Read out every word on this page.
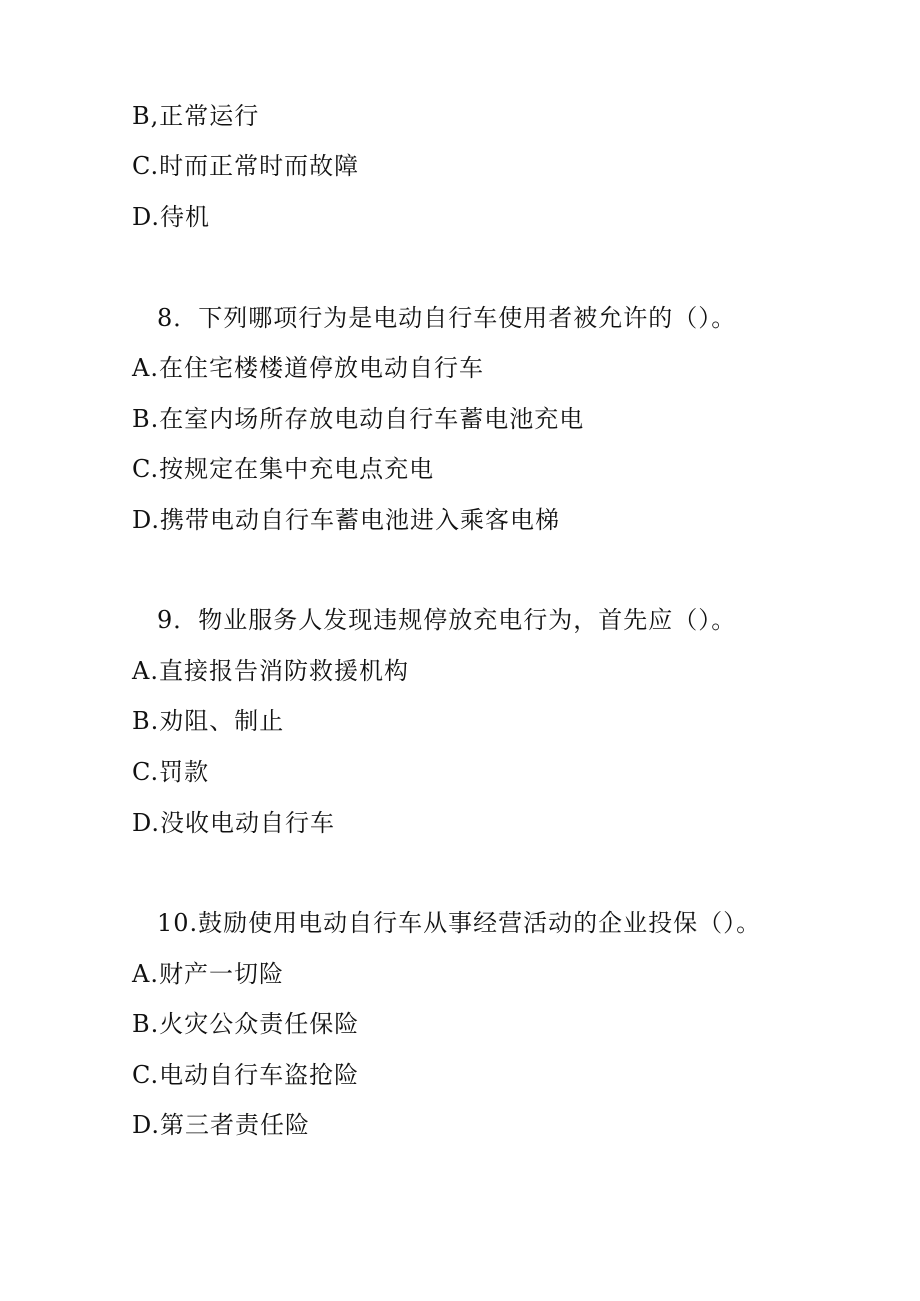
B,正常运行
C.时而正常时而故障
D.待机
8．下列哪项行为是电动自行车使用者被允许的（）。
A.在住宅楼楼道停放电动自行车
B.在室内场所存放电动自行车蓄电池充电
C.按规定在集中充电点充电
D.携带电动自行车蓄电池进入乘客电梯
9．物业服务人发现违规停放充电行为，首先应（）。
A.直接报告消防救援机构
B.劝阻、制止
C.罚款
D.没收电动自行车
10.鼓励使用电动自行车从事经营活动的企业投保（）。
A.财产一切险
B.火灾公众责任保险
C.电动自行车盗抢险
D.第三者责任险
